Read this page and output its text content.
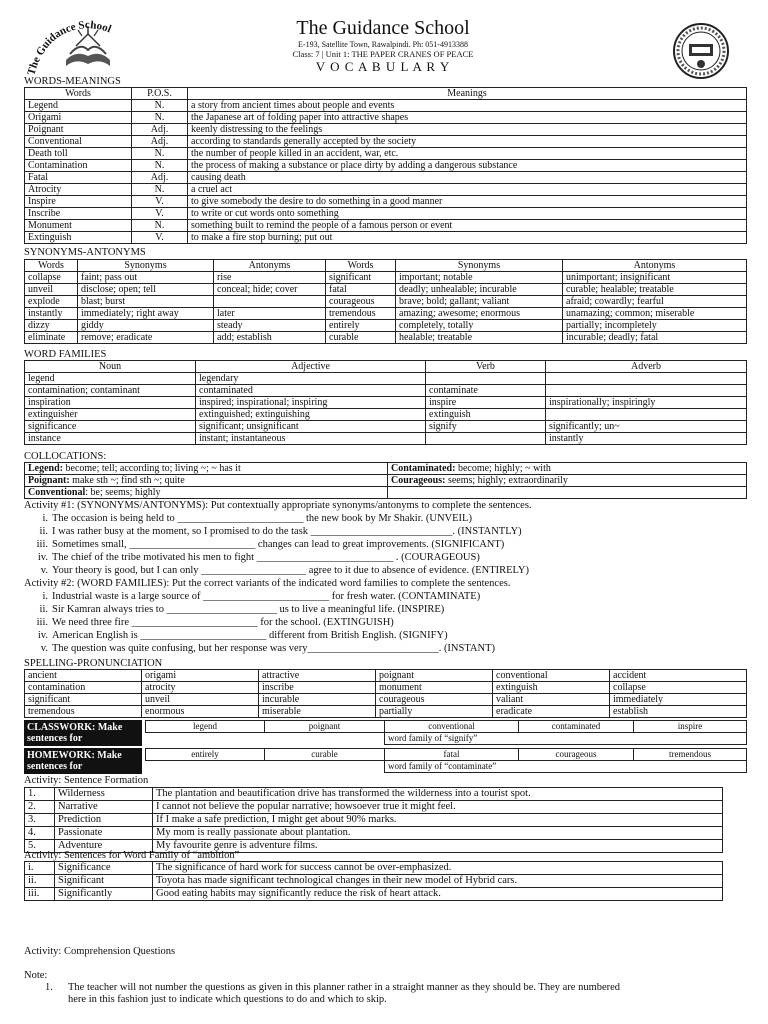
The Guidance School	The Guidance School
E-193, Satellite Town, Rawalpindi. Ph: 051-4913388
Class: 7 | Unit 1: THE PAPER CRANES OF PEACE
V O C A B U L A R Y
WORDS-MEANINGS
Words	P.O.S.	Meanings
Legend	N.	a story from ancient times about people and events
Origami	N.	the Japanese art of folding paper into attractive shapes
Poignant	Adj.	keenly distressing to the feelings
Conventional	Adj.	according to standards generally accepted by the society
Death toll	N.	the number of people killed in an accident, war, etc.
Contamination	N.	the process of making a substance or place dirty by adding a dangerous substance
Fatal	Adj.	causing death
Atrocity	N.	a cruel act
Inspire	V.	to give somebody the desire to do something in a good manner
Inscribe	V.	to write or cut words onto something
Monument	N.	something built to remind the people of a famous person or event
Extinguish	V.	to make a fire stop burning; put out
SYNONYMS-ANTONYMS
Words	Synonyms	Antonyms	Words	Synonyms	Antonyms
collapse	faint; pass out	rise	significant	important; notable	unimportant; insignificant
unveil	disclose; open; tell	conceal; hide; cover	fatal	deadly; unhealable; incurable	curable; healable; treatable
explode	blast; burst		courageous	brave; bold; gallant; valiant	afraid; cowardly; fearful
instantly	immediately; right away	later	tremendous	amazing; awesome; enormous	unamazing; common; miserable
dizzy	giddy	steady	entirely	completely, totally	partially; incompletely
eliminate	remove; eradicate	add; establish	curable	healable; treatable	incurable; deadly; fatal
WORD FAMILIES
Noun	Adjective	Verb	Adverb
legend	legendary		
contamination; contaminant	contaminated	contaminate	
inspiration	inspired; inspirational; inspiring	inspire	inspirationally; inspiringly
extinguisher	extinguished; extinguishing	extinguish	
significance	significant; unsignificant	signify	significantly; un~
instance	instant; instantaneous		instantly
COLLOCATIONS:
Legend: become; tell; according to; living ~; ~ has it	Contaminated: become; highly; ~ with
Poignant: make sth ~; find sth ~; quite	Courageous: seems; highly; extraordinarily
Conventional: be; seems; highly	
Activity #1: (SYNONYMS/ANTONYMS): Put contextually appropriate synonyms/antonyms to complete the sentences.
i. The occasion is being held to ________________________ the new book by Mr Shakir. (UNVEIL)
ii. I was rather busy at the moment, so I promised to do the task ___________________________. (INSTANTLY)
iii. Sometimes small, ________________________ changes can lead to great improvements. (SIGNIFICANT)
iv. The chief of the tribe motivated his men to fight __________________________ . (COURAGEOUS)
v. Your theory is good, but I can only ____________________ agree to it due to absence of evidence. (ENTIRELY)
Activity #2: (WORD FAMILIES): Put the correct variants of the indicated word families to complete the sentences.
i. Industrial waste is a large source of ________________________ for fresh water. (CONTAMINATE)
ii. Sir Kamran always tries to _____________________ us to live a meaningful life. (INSPIRE)
iii. We need three fire ________________________ for the school. (EXTINGUISH)
iv. American English is ________________________ different from British English. (SIGNIFY)
v. The question was quite confusing, but her response was very_________________________. (INSTANT)
SPELLING-PRONUNCIATION
ancient	origami	attractive	poignant	conventional	accident
contamination	atrocity	inscribe	monument	extinguish	collapse
significant	unveil	incurable	courageous	valiant	immediately
tremendous	enormous	miserable	partially	eradicate	establish
CLASSWORK: Make
sentences for
legend	poignant	conventional	contaminated	inspire
		word family of “signify”		
HOMEWORK: Make
sentences for
entirely	curable	fatal	courageous	tremendous
		word family of “contaminate”		
Activity: Sentence Formation
1.	Wilderness	The plantation and beautification drive has transformed the wilderness into a tourist spot.
2.	Narrative	I cannot not believe the popular narrative; howsoever true it might feel.
3.	Prediction	If I make a safe prediction, I might get about 90% marks.
4.	Passionate	My mom is really passionate about plantation.
5.	Adventure	My favourite genre is adventure films.
Activity: Sentences for Word Family of “ambition”
i.	Significance	The significance of hard work for success cannot be over-emphasized.
ii.	Significant	Toyota has made significant technological changes in their new model of Hybrid cars.
iii.	Significantly	Good eating habits may significantly reduce the risk of heart attack.
Activity: Comprehension Questions
Note:
1. The teacher will not number the questions as given in this planner rather in a straight manner as they should be. They are numbered
here in this fashion just to indicate which questions to do and which to skip.
